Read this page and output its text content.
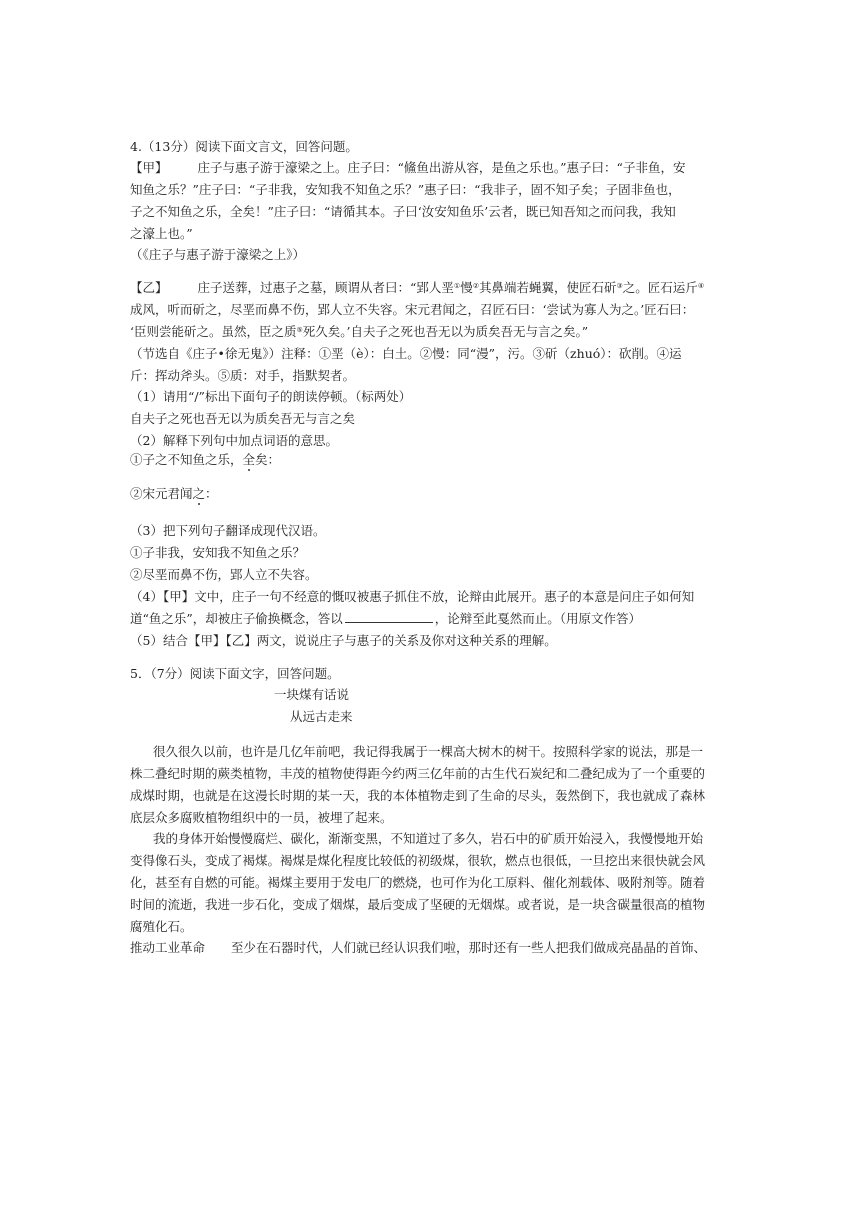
4.（13分）阅读下面文言文，回答问题。
【甲】 庄子与惠子游于濠梁之上。庄子曰：“鯈鱼出游从容，是鱼之乐也。”惠子曰：“子非鱼，安
知鱼之乐？”庄子曰：“子非我，安知我不知鱼之乐？”惠子曰：“我非子，固不知子矣；子固非鱼也，
子之不知鱼之乐，全矣！”庄子曰：“请循其本。子曰‘汝安知鱼乐’云者，既已知吾知之而问我，我知
之濠上也。”
（《庄子与惠子游于濠梁之上》）
【乙】 庄子送葬，过惠子之墓，顾谓从者曰：“郢人垩①慢②其鼻端若蝇翼，使匠石斫③之。匠石运斤④
成风，听而斫之，尽垩而鼻不伤，郢人立不失容。宋元君闻之，召匠石曰：‘尝试为寡人为之。’匠石曰：
‘臣则尝能斫之。虽然，臣之质⑤死久矣。’自夫子之死也吾无以为质矣吾无与言之矣。”
（节选自《庄子•徐无鬼》）注释：①垩（è）：白土。②慢：同“漫”，污。③斫（zhuó）：砍削。④运
斤：挥动斧头。⑤质：对手，指默契者。
（1）请用“/”标出下面句子的朗读停顿。（标两处）
自夫子之死也吾无以为质矣吾无与言之矣
（2）解释下列句中加点词语的意思。
①子之不知鱼之乐，全矣：
②宋元君闻之：
（3）把下列句子翻译成现代汉语。
①子非我，安知我不知鱼之乐？
②尽垩而鼻不伤，郢人立不失容。
（4）【甲】文中，庄子一句不经意的慨叹被惠子抓住不放，论辩由此展开。惠子的本意是问庄子如何知
道“鱼之乐”，却被庄子偷换概念，答以	，论辩至此戛然而止。（用原文作答）
（5）结合【甲】【乙】两文，说说庄子与惠子的关系及你对这种关系的理解。
5．（7分）阅读下面文字，回答问题。
一块煤有话说
从远古走来
很久很久以前，也许是几亿年前吧，我记得我属于一棵高大树木的树干。按照科学家的说法，那是一
株二叠纪时期的蕨类植物，丰茂的植物使得距今约两三亿年前的古生代石炭纪和二叠纪成为了一个重要的
成煤时期，也就是在这漫长时期的某一天，我的本体植物走到了生命的尽头，轰然倒下，我也就成了森林
底层众多腐败植物组织中的一员，被埋了起来。
我的身体开始慢慢腐烂、碳化，渐渐变黑，不知道过了多久，岩石中的矿质开始浸入，我慢慢地开始
变得像石头，变成了褐煤。褐煤是煤化程度比较低的初级煤，很软，燃点也很低，一旦挖出来很快就会风
化，甚至有自燃的可能。褐煤主要用于发电厂的燃烧，也可作为化工原料、催化剂载体、吸附剂等。随着
时间的流逝，我进一步石化，变成了烟煤，最后变成了坚硬的无烟煤。或者说，是一块含碳量很高的植物
腐殖化石。
推动工业革命 至少在石器时代，人们就已经认识我们啦，那时还有一些人把我们做成亮晶晶的首饰、
